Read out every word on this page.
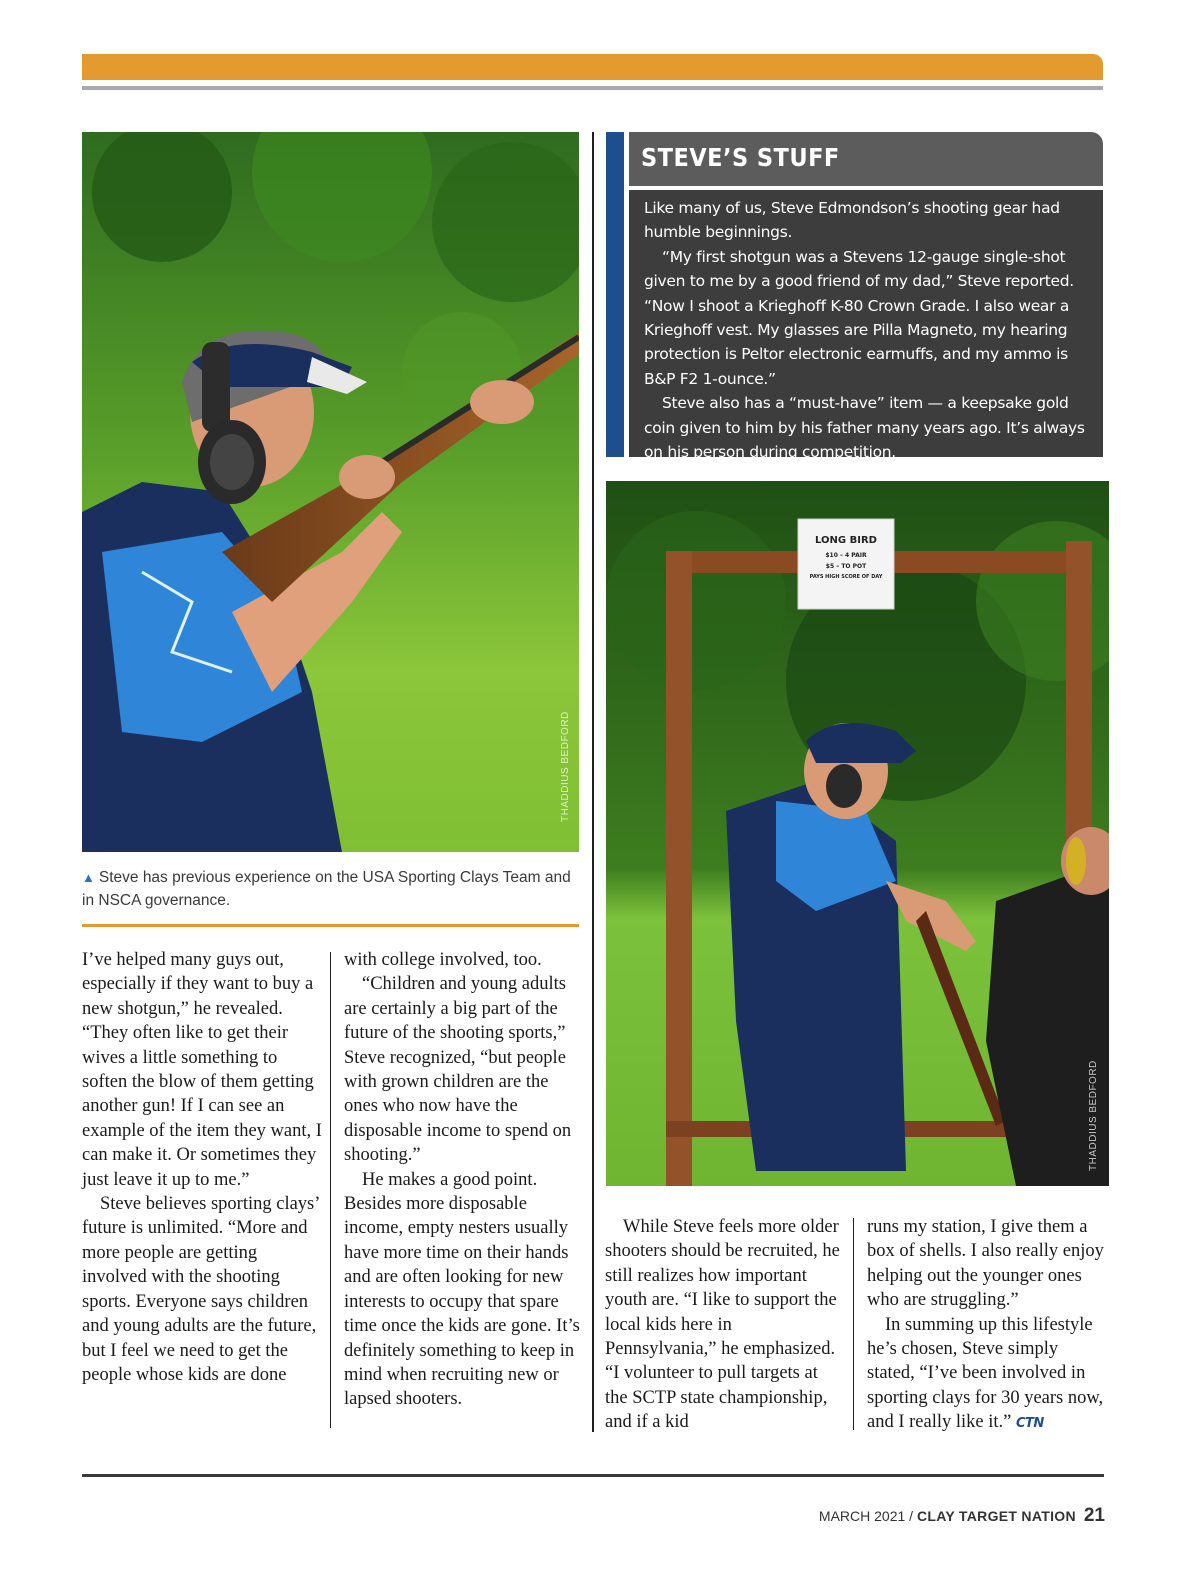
THADDIUS BEDFORD
▲ Steve has previous experience on the USA Sporting Clays Team and in NSCA governance.
STEVE’S STUFF

Like many of us, Steve Edmondson’s shooting gear had humble beginnings.

“My first shotgun was a Stevens 12-gauge single-shot given to me by a good friend of my dad,” Steve reported. “Now I shoot a Krieghoff K-80 Crown Grade. I also wear a Krieghoff vest. My glasses are Pilla Magneto, my hearing protection is Peltor electronic earmuffs, and my ammo is B&P F2 1-ounce.”

Steve also has a “must-have” item — a keepsake gold coin given to him by his father many years ago. It’s always on his person during competition.

LONG BIRD
$10 – 4 PAIR
$5 – TO POT
PAYS HIGH SCORE OF DAY
THADDIUS BEDFORD

I’ve helped many guys out, especially if they want to buy a new shotgun,” he revealed. “They often like to get their wives a little something to soften the blow of them getting another gun! If I can see an example of the item they want, I can make it. Or sometimes they just leave it up to me.”

Steve believes sporting clays’ future is unlimited. “More and more people are getting involved with the shooting sports. Everyone says children and young adults are the future, but I feel we need to get the people whose kids are done

with college involved, too.

“Children and young adults are certainly a big part of the future of the shooting sports,” Steve recognized, “but people with grown children are the ones who now have the disposable income to spend on shooting.”

He makes a good point. Besides more disposable income, empty nesters usually have more time on their hands and are often looking for new interests to occupy that spare time once the kids are gone. It’s definitely something to keep in mind when recruiting new or lapsed shooters.

While Steve feels more older shooters should be recruited, he still realizes how important youth are. “I like to support the local kids here in Pennsylvania,” he emphasized. “I volunteer to pull targets at the SCTP state championship, and if a kid

runs my station, I give them a box of shells. I also really enjoy helping out the younger ones who are struggling.”

In summing up this lifestyle he’s chosen, Steve simply stated, “I’ve been involved in sporting clays for 30 years now, and I really like it.” CTN

MARCH 2021 / CLAY TARGET NATION 21
